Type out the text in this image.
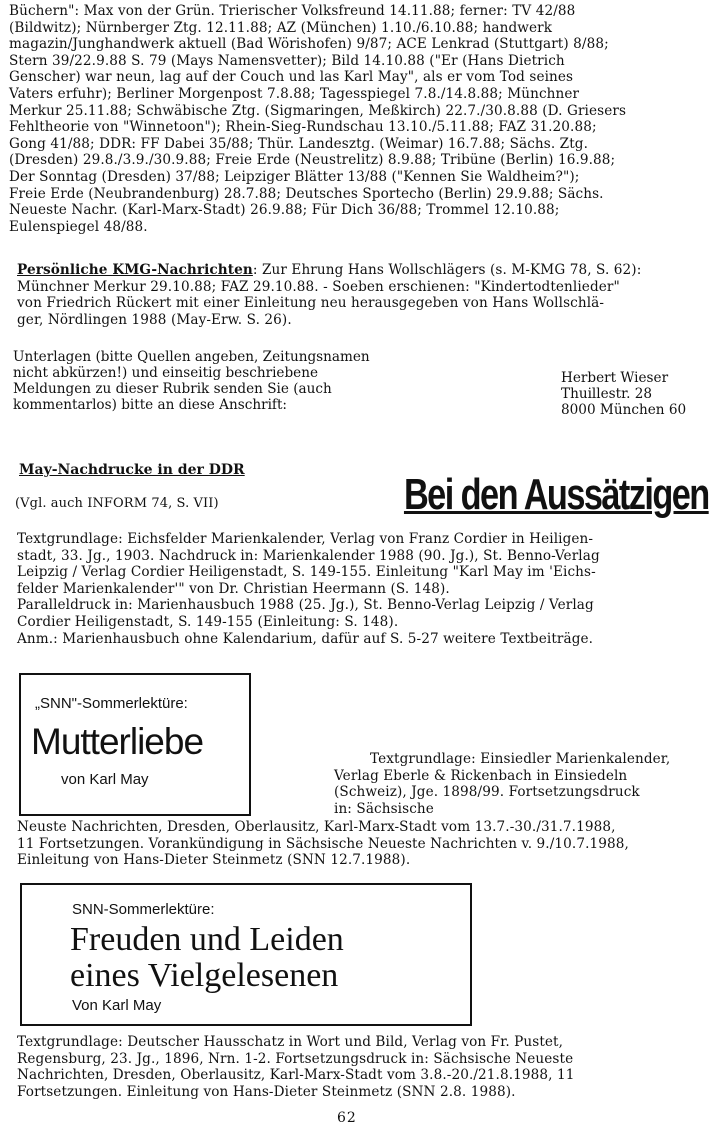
Büchern": Max von der Grün. Trierischer Volksfreund 14.11.88; ferner: TV 42/88
(Bildwitz); Nürnberger Ztg. 12.11.88; AZ (München) 1.10./6.10.88; handwerk
magazin/Junghandwerk aktuell (Bad Wörishofen) 9/87; ACE Lenkrad (Stuttgart) 8/88;
Stern 39/22.9.88 S. 79 (Mays Namensvetter); Bild 14.10.88 ("Er (Hans Dietrich
Genscher) war neun, lag auf der Couch und las Karl May", als er vom Tod seines
Vaters erfuhr); Berliner Morgenpost 7.8.88; Tagesspiegel 7.8./14.8.88; Münchner
Merkur 25.11.88; Schwäbische Ztg. (Sigmaringen, Meßkirch) 22.7./30.8.88 (D. Griesers
Fehltheorie von "Winnetoon"); Rhein-Sieg-Rundschau 13.10./5.11.88; FAZ 31.20.88;
Gong 41/88; DDR: FF Dabei 35/88; Thür. Landesztg. (Weimar) 16.7.88; Sächs. Ztg.
(Dresden) 29.8./3.9./30.9.88; Freie Erde (Neustrelitz) 8.9.88; Tribüne (Berlin) 16.9.88;
Der Sonntag (Dresden) 37/88; Leipziger Blätter 13/88 ("Kennen Sie Waldheim?");
Freie Erde (Neubrandenburg) 28.7.88; Deutsches Sportecho (Berlin) 29.9.88; Sächs.
Neueste Nachr. (Karl-Marx-Stadt) 26.9.88; Für Dich 36/88; Trommel 12.10.88;
Eulenspiegel 48/88.
Persönliche KMG-Nachrichten: Zur Ehrung Hans Wollschlägers (s. M-KMG 78, S. 62):
Münchner Merkur 29.10.88; FAZ 29.10.88. - Soeben erschienen: "Kindertodtenlieder"
von Friedrich Rückert mit einer Einleitung neu herausgegeben von Hans Wollschlä-
ger, Nördlingen 1988 (May-Erw. S. 26).
Unterlagen (bitte Quellen angeben, Zeitungsnamen
nicht abkürzen!) und einseitig beschriebene
Meldungen zu dieser Rubrik senden Sie (auch
kommentarlos) bitte an diese Anschrift:
Herbert Wieser
Thuillestr. 28
8000 München 60
May-Nachdrucke in der DDR
(Vgl. auch INFORM 74, S. VII)	Bei den Aussätzigen
Textgrundlage: Eichsfelder Marienkalender, Verlag von Franz Cordier in Heiligen-
stadt, 33. Jg., 1903. Nachdruck in: Marienkalender 1988 (90. Jg.), St. Benno-Verlag
Leipzig / Verlag Cordier Heiligenstadt, S. 149-155. Einleitung "Karl May im 'Eichs-
felder Marienkalender'" von Dr. Christian Heermann (S. 148).
Paralleldruck in: Marienhausbuch 1988 (25. Jg.), St. Benno-Verlag Leipzig / Verlag
Cordier Heiligenstadt, S. 149-155 (Einleitung: S. 148).
Anm.: Marienhausbuch ohne Kalendarium, dafür auf S. 5-27 weitere Textbeiträge.
„SNN"-Sommerlektüre:
Mutterliebe
von Karl May
Textgrundlage: Einsiedler Marienkalender,
Verlag Eberle & Rickenbach in Einsiedeln
(Schweiz), Jge. 1898/99. Fortsetzungsdruck
in: Sächsische
Neuste Nachrichten, Dresden, Oberlausitz, Karl-Marx-Stadt vom 13.7.-30./31.7.1988,
11 Fortsetzungen. Vorankündigung in Sächsische Neueste Nachrichten v. 9./10.7.1988,
Einleitung von Hans-Dieter Steinmetz (SNN 12.7.1988).
SNN-Sommerlektüre:
Freuden und Leiden
eines Vielgelesenen
Von Karl May
Textgrundlage: Deutscher Hausschatz in Wort und Bild, Verlag von Fr. Pustet,
Regensburg, 23. Jg., 1896, Nrn. 1-2. Fortsetzungsdruck in: Sächsische Neueste
Nachrichten, Dresden, Oberlausitz, Karl-Marx-Stadt vom 3.8.-20./21.8.1988, 11
Fortsetzungen. Einleitung von Hans-Dieter Steinmetz (SNN 2.8. 1988).
62
